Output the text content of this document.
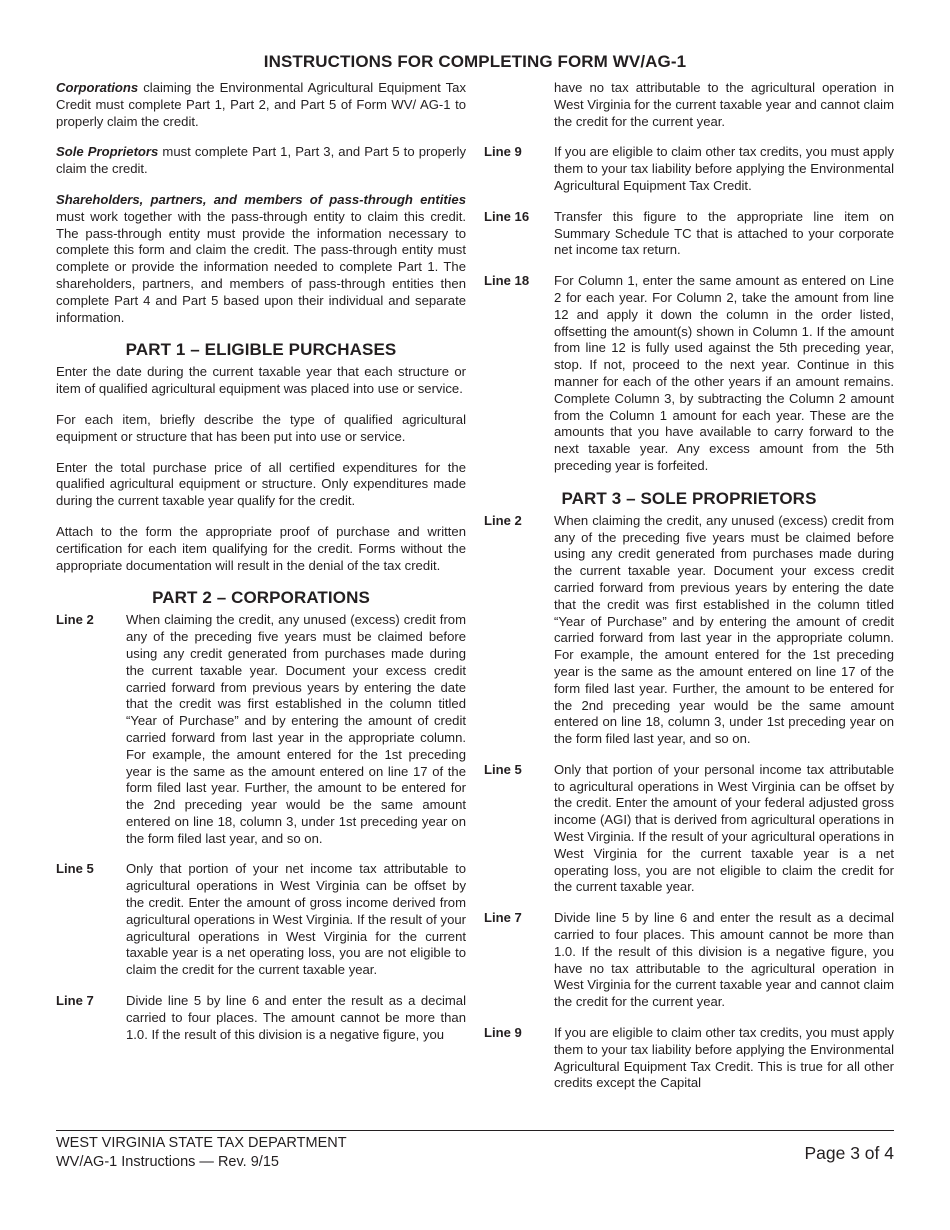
INSTRUCTIONS FOR COMPLETING FORM WV/AG-1

Corporations claiming the Environmental Agricultural Equipment Tax Credit must complete Part 1, Part 2, and Part 5 of Form WV/ AG-1 to properly claim the credit.

Sole Proprietors must complete Part 1, Part 3, and Part 5 to properly claim the credit.

Shareholders, partners, and members of pass-through entities must work together with the pass-through entity to claim this credit. The pass-through entity must provide the information necessary to complete this form and claim the credit. The pass-through entity must complete or provide the information needed to complete Part 1. The shareholders, partners, and members of pass-through entities then complete Part 4 and Part 5 based upon their individual and separate information.

PART 1 – ELIGIBLE PURCHASES

Enter the date during the current taxable year that each structure or item of qualified agricultural equipment was placed into use or service.

For each item, briefly describe the type of qualified agricultural equipment or structure that has been put into use or service.

Enter the total purchase price of all certified expenditures for the qualified agricultural equipment or structure. Only expenditures made during the current taxable year qualify for the credit.

Attach to the form the appropriate proof of purchase and written certification for each item qualifying for the credit. Forms without the appropriate documentation will result in the denial of the tax credit.

PART 2 – CORPORATIONS
Line 2	When claiming the credit, any unused (excess) credit from any of the preceding five years must be claimed before using any credit generated from purchases made during the current taxable year. Document your excess credit carried forward from previous years by entering the date that the credit was first established in the column titled “Year of Purchase” and by entering the amount of credit carried forward from last year in the appropriate column. For example, the amount entered for the 1st preceding year is the same as the amount entered on line 17 of the form filed last year. Further, the amount to be entered for the 2nd preceding year would be the same amount entered on line 18, column 3, under 1st preceding year on the form filed last year, and so on.
Line 5	Only that portion of your net income tax attributable to agricultural operations in West Virginia can be offset by the credit. Enter the amount of gross income derived from agricultural operations in West Virginia. If the result of your agricultural operations in West Virginia for the current taxable year is a net operating loss, you are not eligible to claim the credit for the current taxable year.
Line 7	Divide line 5 by line 6 and enter the result as a decimal carried to four places. The amount cannot be more than 1.0. If the result of this division is a negative figure, you

have no tax attributable to the agricultural operation in West Virginia for the current taxable year and cannot claim the credit for the current year.

Line 9	If you are eligible to claim other tax credits, you must apply them to your tax liability before applying the Environmental Agricultural Equipment Tax Credit.
Line 16	Transfer this figure to the appropriate line item on Summary Schedule TC that is attached to your corporate net income tax return.
Line 18	For Column 1, enter the same amount as entered on Line 2 for each year. For Column 2, take the amount from line 12 and apply it down the column in the order listed, offsetting the amount(s) shown in Column 1. If the amount from line 12 is fully used against the 5th preceding year, stop. If not, proceed to the next year. Continue in this manner for each of the other years if an amount remains. Complete Column 3, by subtracting the Column 2 amount from the Column 1 amount for each year. These are the amounts that you have available to carry forward to the next taxable year. Any excess amount from the 5th preceding year is forfeited.
PART 3 – SOLE PROPRIETORS
Line 2	When claiming the credit, any unused (excess) credit from any of the preceding five years must be claimed before using any credit generated from purchases made during the current taxable year. Document your excess credit carried forward from previous years by entering the date that the credit was first established in the column titled “Year of Purchase” and by entering the amount of credit carried forward from last year in the appropriate column. For example, the amount entered for the 1st preceding year is the same as the amount entered on line 17 of the form filed last year. Further, the amount to be entered for the 2nd preceding year would be the same amount entered on line 18, column 3, under 1st preceding year on the form filed last year, and so on.
Line 5	Only that portion of your personal income tax attributable to agricultural operations in West Virginia can be offset by the credit. Enter the amount of your federal adjusted gross income (AGI) that is derived from agricultural operations in West Virginia. If the result of your agricultural operations in West Virginia for the current taxable year is a net operating loss, you are not eligible to claim the credit for the current taxable year.
Line 7	Divide line 5 by line 6 and enter the result as a decimal carried to four places. This amount cannot be more than 1.0. If the result of this division is a negative figure, you have no tax attributable to the agricultural operation in West Virginia for the current taxable year and cannot claim the credit for the current year.
Line 9	If you are eligible to claim other tax credits, you must apply them to your tax liability before applying the Environmental Agricultural Equipment Tax Credit. This is true for all other credits except the Capital
WEST VIRGINIA STATE TAX DEPARTMENT
WV/AG-1 Instructions — Rev. 9/15	Page 3 of 4
